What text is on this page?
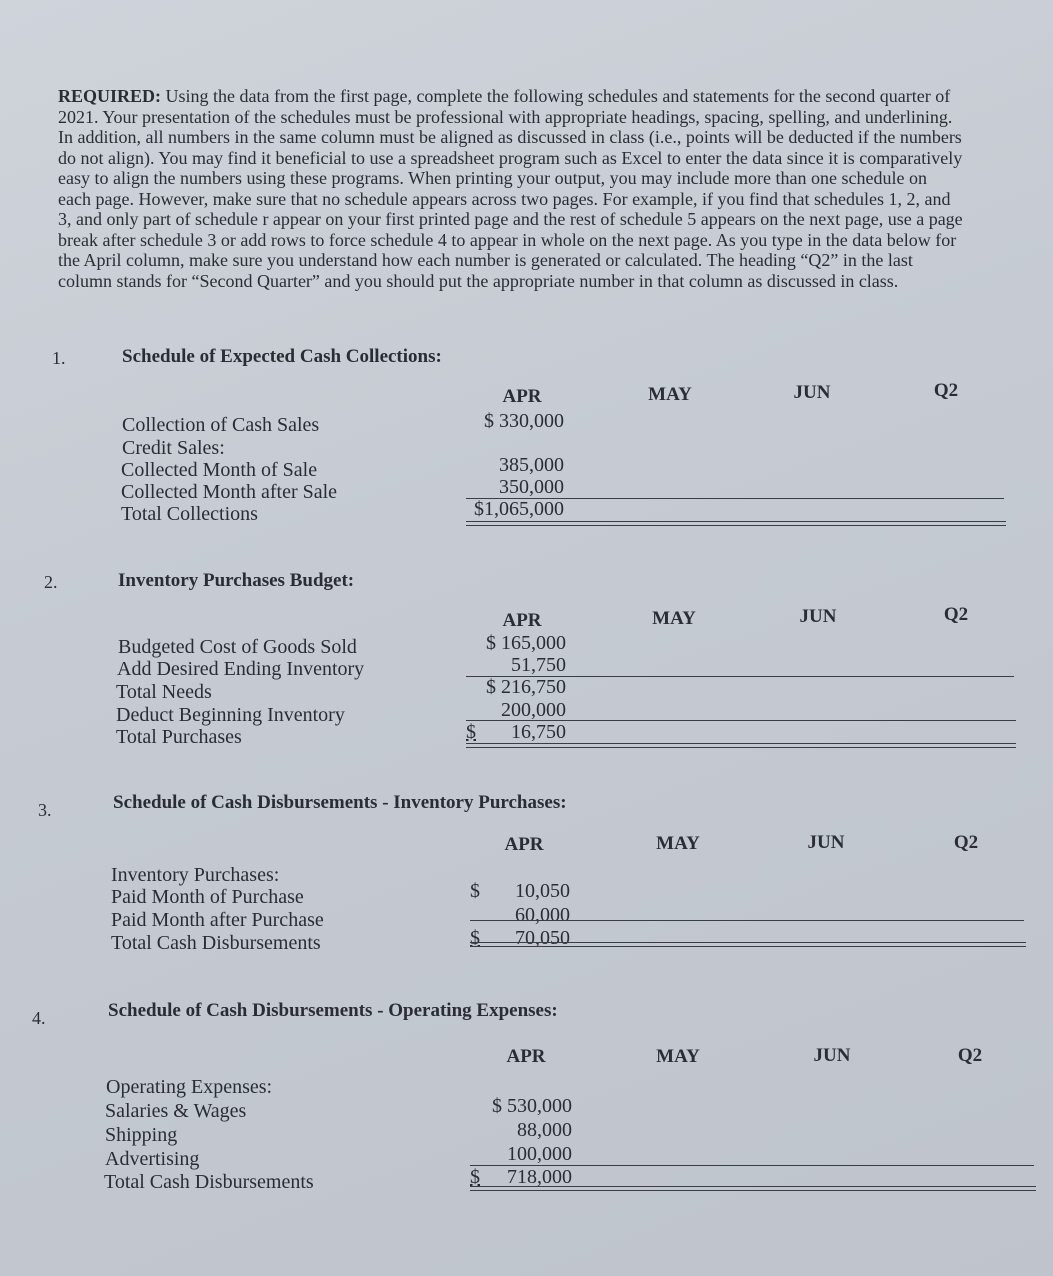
REQUIRED: Using the data from the first page, complete the following schedules and statements for the second quarter of 2021. Your presentation of the schedules must be professional with appropriate headings, spacing, spelling, and underlining. In addition, all numbers in the same column must be aligned as discussed in class (i.e., points will be deducted if the numbers do not align). You may find it beneficial to use a spreadsheet program such as Excel to enter the data since it is comparatively easy to align the numbers using these programs. When printing your output, you may include more than one schedule on each page. However, make sure that no schedule appears across two pages. For example, if you find that schedules 1, 2, and 3, and only part of schedule r appear on your first printed page and the rest of schedule 5 appears on the next page, use a page break after schedule 3 or add rows to force schedule 4 to appear in whole on the next page. As you type in the data below for the April column, make sure you understand how each number is generated or calculated. The heading “Q2” in the last column stands for “Second Quarter” and you should put the appropriate number in that column as discussed in class.

1.	Schedule of Expected Cash Collections:
APR	MAY	JUN	Q2
Collection of Cash Sales	$ 330,000
Credit Sales:
Collected Month of Sale	385,000
Collected Month after Sale	350,000
Total Collections	$1,065,000
2.	Inventory Purchases Budget:
APR	MAY	JUN	Q2
Budgeted Cost of Goods Sold	$ 165,000
Add Desired Ending Inventory	51,750
Total Needs	$ 216,750
Deduct Beginning Inventory	200,000
Total Purchases	$	16,750
3.	Schedule of Cash Disbursements - Inventory Purchases:
APR	MAY	JUN	Q2
Inventory Purchases:
Paid Month of Purchase	$	10,050
Paid Month after Purchase	60,000
Total Cash Disbursements	$	70,050
4.	Schedule of Cash Disbursements - Operating Expenses:
APR	MAY	JUN	Q2
Operating Expenses:
Salaries & Wages	$ 530,000
Shipping	88,000
Advertising	100,000
Total Cash Disbursements	$	718,000
